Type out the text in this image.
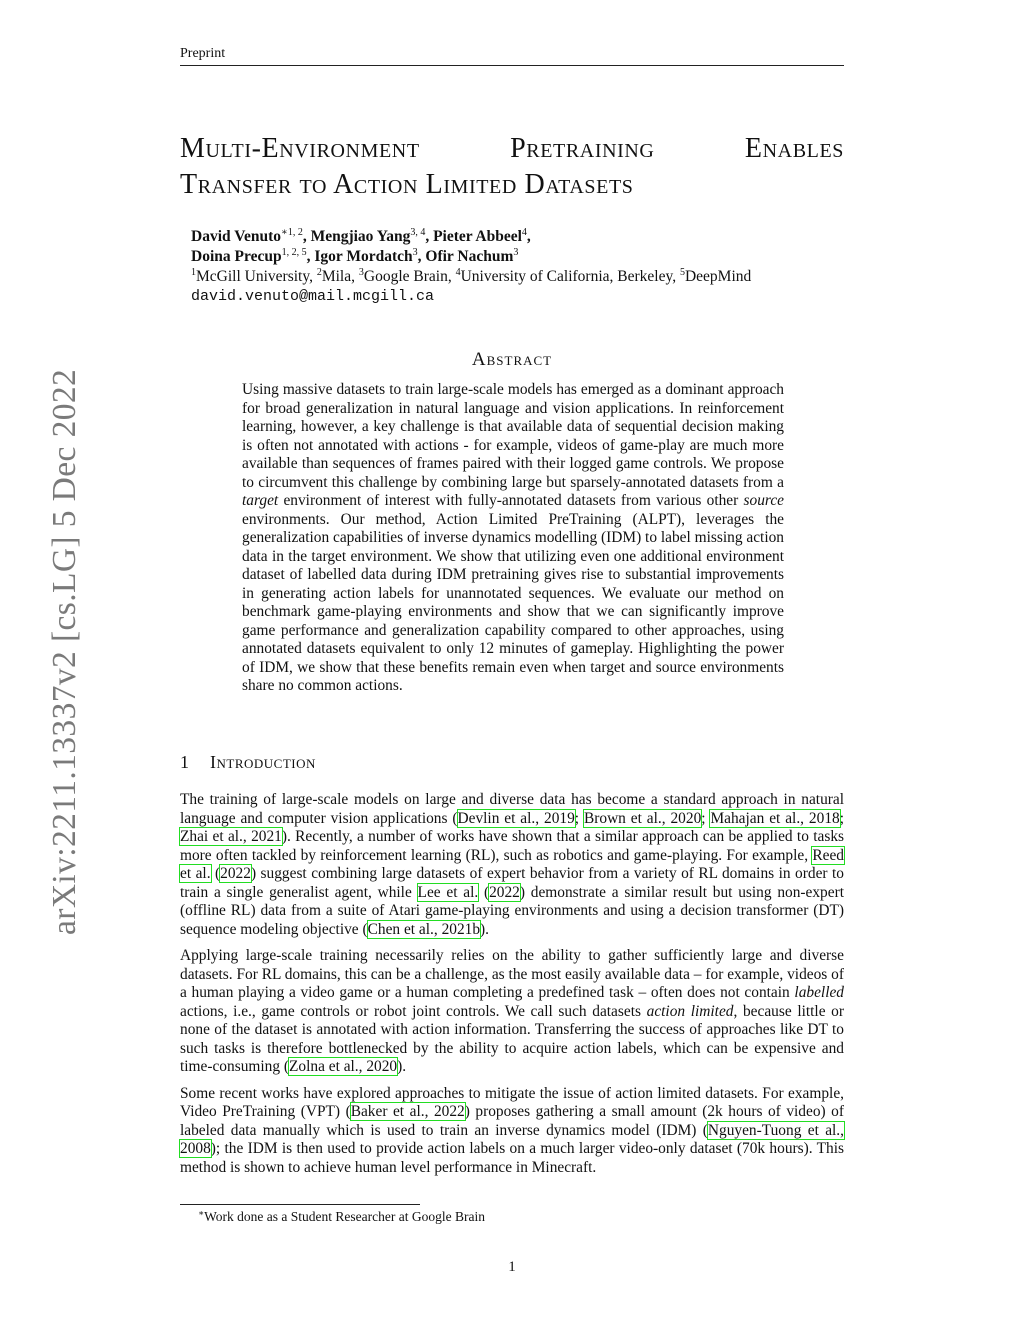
Preprint
arXiv:2211.13337v2 [cs.LG] 5 Dec 2022
Multi-Environment	Pretraining	Enables
Transfer to Action Limited Datasets
David Venuto$^{∗1, 2}$, Mengjiao Yang$^{3, 4}$, Pieter Abbeel$^4$,
Doina Precup$^{1, 2, 5}$, Igor Mordatch$^3$, Ofir Nachum$^3$
$^1$McGill University, $^2$Mila, $^3$Google Brain, $^4$University of California, Berkeley, $^5$DeepMind
david.venuto@mail.mcgill.ca
Abstract
Using massive datasets to train large-scale models has emerged as a dominant approach for broad generalization in natural language and vision applications. In reinforcement learning, however, a key challenge is that available data of sequential decision making is often not annotated with actions - for example, videos of game-play are much more available than sequences of frames paired with their logged game controls. We propose to circumvent this challenge by combining large but sparsely-annotated datasets from a target environment of interest with fully-annotated datasets from various other source environments. Our method, Action Limited PreTraining (ALPT), leverages the generalization capabilities of inverse dynamics modelling (IDM) to label missing action data in the target environment. We show that utilizing even one additional environment dataset of labelled data during IDM pretraining gives rise to substantial improvements in generating action labels for unannotated sequences. We evaluate our method on benchmark game-playing environments and show that we can significantly improve game performance and generalization capability compared to other approaches, using annotated datasets equivalent to only 12 minutes of gameplay. Highlighting the power of IDM, we show that these benefits remain even when target and source environments share no common actions.
1 Introduction

The training of large-scale models on large and diverse data has become a standard approach in natural language and computer vision applications (Devlin et al., 2019; Brown et al., 2020; Mahajan et al., 2018; Zhai et al., 2021). Recently, a number of works have shown that a similar approach can be applied to tasks more often tackled by reinforcement learning (RL), such as robotics and game-playing. For example, Reed et al. (2022) suggest combining large datasets of expert behavior from a variety of RL domains in order to train a single generalist agent, while Lee et al. (2022) demonstrate a similar result but using non-expert (offline RL) data from a suite of Atari game-playing environments and using a decision transformer (DT) sequence modeling objective (Chen et al., 2021b).

Applying large-scale training necessarily relies on the ability to gather sufficiently large and diverse datasets. For RL domains, this can be a challenge, as the most easily available data – for example, videos of a human playing a video game or a human completing a predefined task – often does not contain labelled actions, i.e., game controls or robot joint controls. We call such datasets action limited, because little or none of the dataset is annotated with action information. Transferring the success of approaches like DT to such tasks is therefore bottlenecked by the ability to acquire action labels, which can be expensive and time-consuming (Zolna et al., 2020).

Some recent works have explored approaches to mitigate the issue of action limited datasets. For example, Video PreTraining (VPT) (Baker et al., 2022) proposes gathering a small amount (2k hours of video) of labeled data manually which is used to train an inverse dynamics model (IDM) (Nguyen-Tuong et al., 2008); the IDM is then used to provide action labels on a much larger video-only dataset (70k hours). This method is shown to achieve human level performance in Minecraft.

∗Work done as a Student Researcher at Google Brain
1
